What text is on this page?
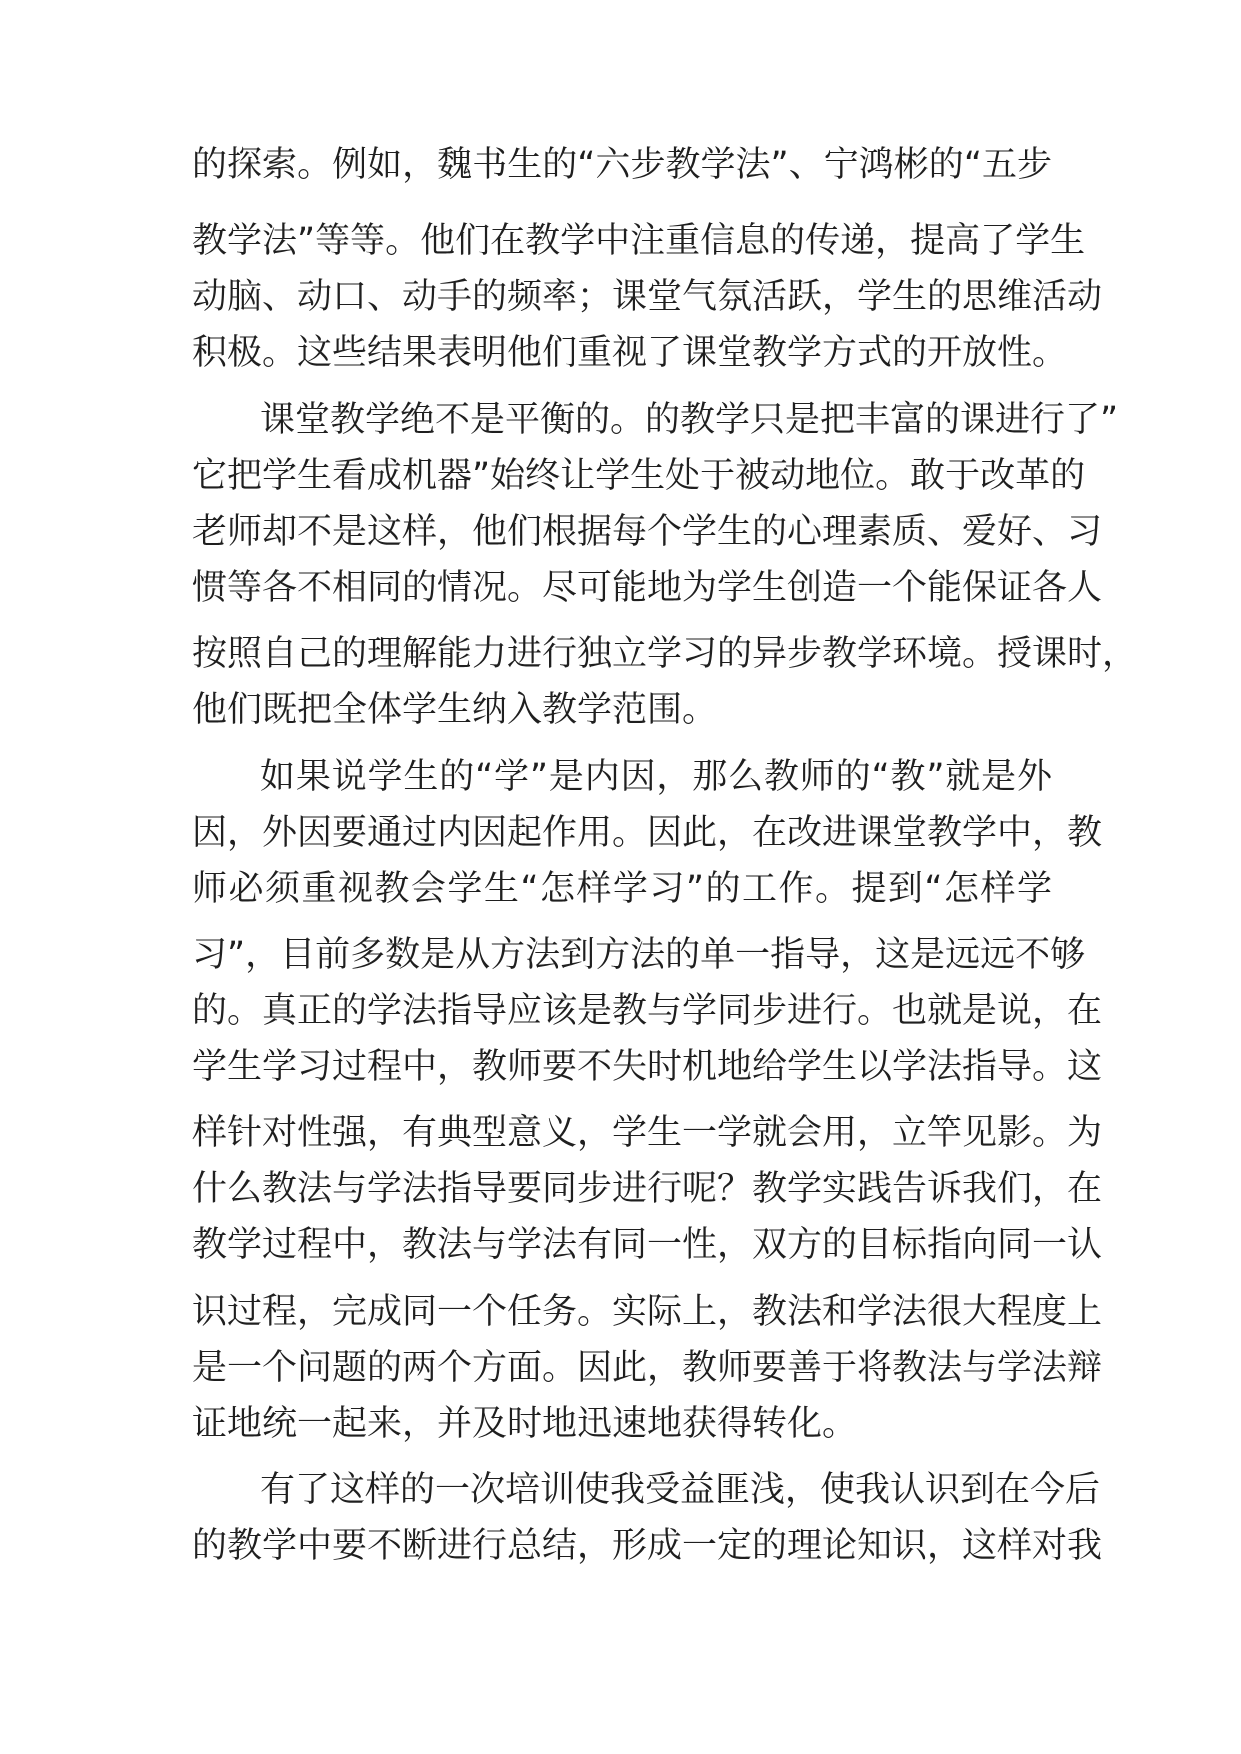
的探索。例如，魏书生的“六步教学法”、宁鸿彬的“五步

教学法”等等。他们在教学中注重信息的传递，提高了学生

动脑、动口、动手的频率；课堂气氛活跃，学生的思维活动

积极。这些结果表明他们重视了课堂教学方式的开放性。

课堂教学绝不是平衡的。的教学只是把丰富的课进行了”

它把学生看成机器”始终让学生处于被动地位。敢于改革的

老师却不是这样，他们根据每个学生的心理素质、爱好、习

惯等各不相同的情况。尽可能地为学生创造一个能保证各人

按照自己的理解能力进行独立学习的异步教学环境。授课时，

他们既把全体学生纳入教学范围。

如果说学生的“学”是内因，那么教师的“教”就是外

因，外因要通过内因起作用。因此，在改进课堂教学中，教

师必须重视教会学生“怎样学习”的工作。提到“怎样学

习”，目前多数是从方法到方法的单一指导，这是远远不够

的。真正的学法指导应该是教与学同步进行。也就是说，在

学生学习过程中，教师要不失时机地给学生以学法指导。这

样针对性强，有典型意义，学生一学就会用，立竿见影。为

什么教法与学法指导要同步进行呢？教学实践告诉我们，在

教学过程中，教法与学法有同一性，双方的目标指向同一认

识过程，完成同一个任务。实际上，教法和学法很大程度上

是一个问题的两个方面。因此，教师要善于将教法与学法辩

证地统一起来，并及时地迅速地获得转化。

有了这样的一次培训使我受益匪浅，使我认识到在今后

的教学中要不断进行总结，形成一定的理论知识，这样对我
